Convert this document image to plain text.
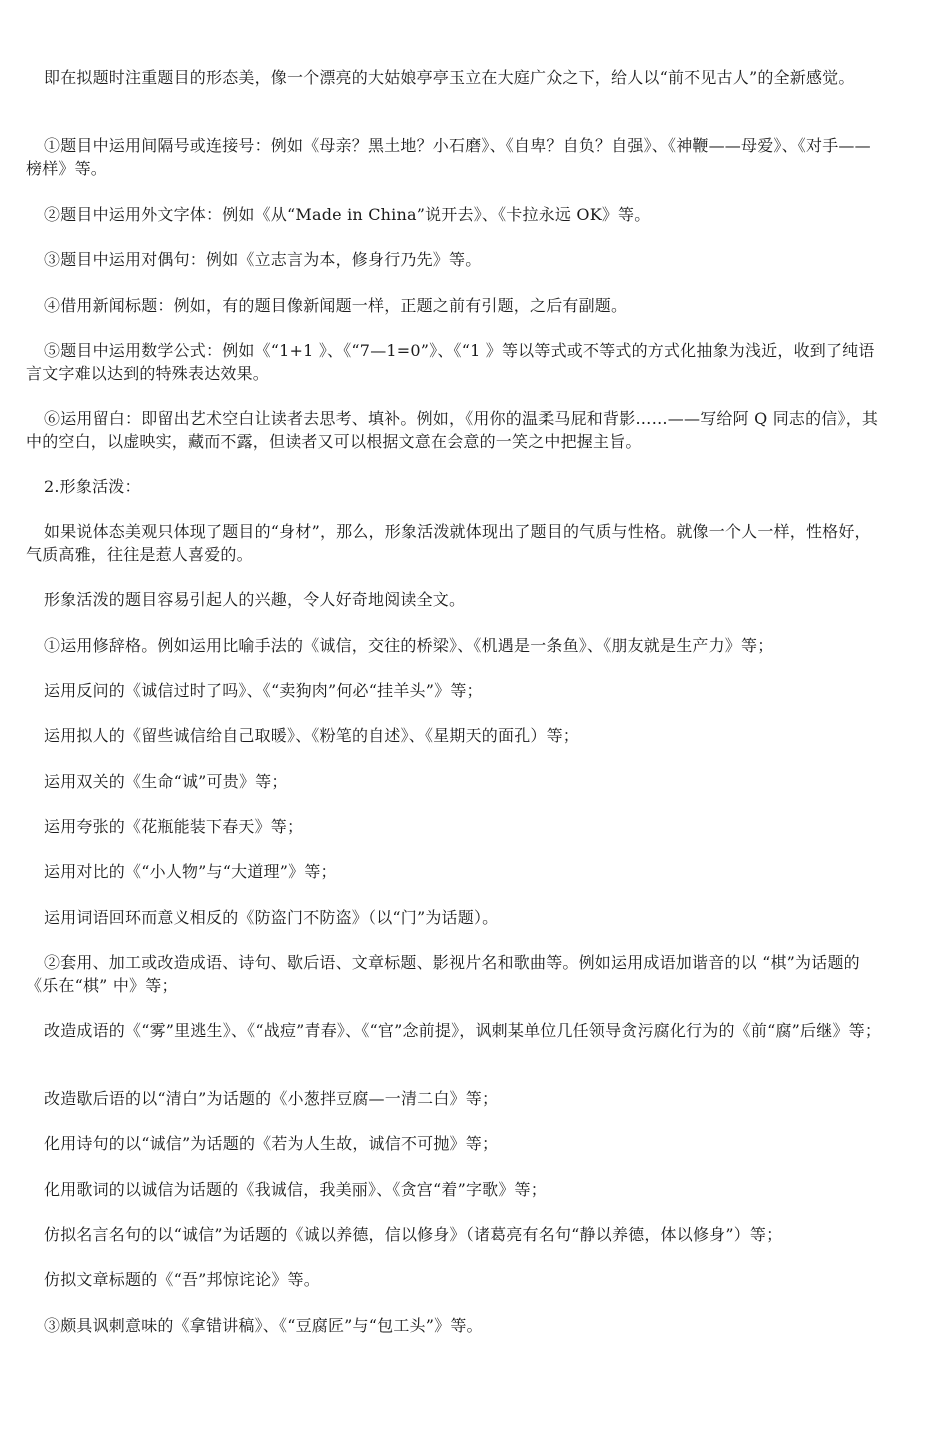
即在拟题时注重题目的形态美，像一个漂亮的大姑娘亭亭玉立在大庭广众之下，给人以“前不见古人”的全新感觉。

①题目中运用间隔号或连接号：例如《母亲？黑土地？小石磨》、《自卑？自负？自强》、《神鞭——母爱》、《对手——榜样》等。

②题目中运用外文字体：例如《从“Made in China”说开去》、《卡拉永远 OK》等。

③题目中运用对偶句：例如《立志言为本，修身行乃先》等。

④借用新闻标题：例如，有的题目像新闻题一样，正题之前有引题，之后有副题。

⑤题目中运用数学公式：例如《“1+1 》、《“7—1=0”》、《“1 》等以等式或不等式的方式化抽象为浅近，收到了纯语言文字难以达到的特殊表达效果。

⑥运用留白：即留出艺术空白让读者去思考、填补。例如，《用你的温柔马屁和背影……——写给阿 Q 同志的信》，其中的空白，以虚映实，藏而不露，但读者又可以根据文意在会意的一笑之中把握主旨。

2.形象活泼：

如果说体态美观只体现了题目的“身材”，那么，形象活泼就体现出了题目的气质与性格。就像一个人一样，性格好，气质高雅，往往是惹人喜爱的。

形象活泼的题目容易引起人的兴趣，令人好奇地阅读全文。

①运用修辞格。例如运用比喻手法的《诚信，交往的桥梁》、《机遇是一条鱼》、《朋友就是生产力》等；

运用反问的《诚信过时了吗》、《“卖狗肉”何必“挂羊头”》等；

运用拟人的《留些诚信给自己取暖》、《粉笔的自述》、《星期天的面孔）等；

运用双关的《生命“诚”可贵》等；

运用夸张的《花瓶能装下春天》等；

运用对比的《“小人物”与“大道理”》等；

运用词语回环而意义相反的《防盗门不防盗》（以“门”为话题）。

②套用、加工或改造成语、诗句、歇后语、文章标题、影视片名和歌曲等。例如运用成语加谐音的以 “棋”为话题的《乐在“棋” 中》等；

改造成语的《“雾”里逃生》、《“战痘”青春》、《“官”念前提》，讽刺某单位几任领导贪污腐化行为的《前“腐”后继》等；

改造歇后语的以“清白”为话题的《小葱拌豆腐—一清二白》等；

化用诗句的以“诚信”为话题的《若为人生故，诚信不可抛》等；

化用歌词的以诚信为话题的《我诚信，我美丽》、《贪宫“着”字歌》等；

仿拟名言名句的以“诚信”为话题的《诚以养德，信以修身》（诸葛亮有名句“静以养德，体以修身”）等；

仿拟文章标题的《“吾”邦惊诧论》等。

③颇具讽刺意味的《拿错讲稿》、《“豆腐匠”与“包工头”》等。
